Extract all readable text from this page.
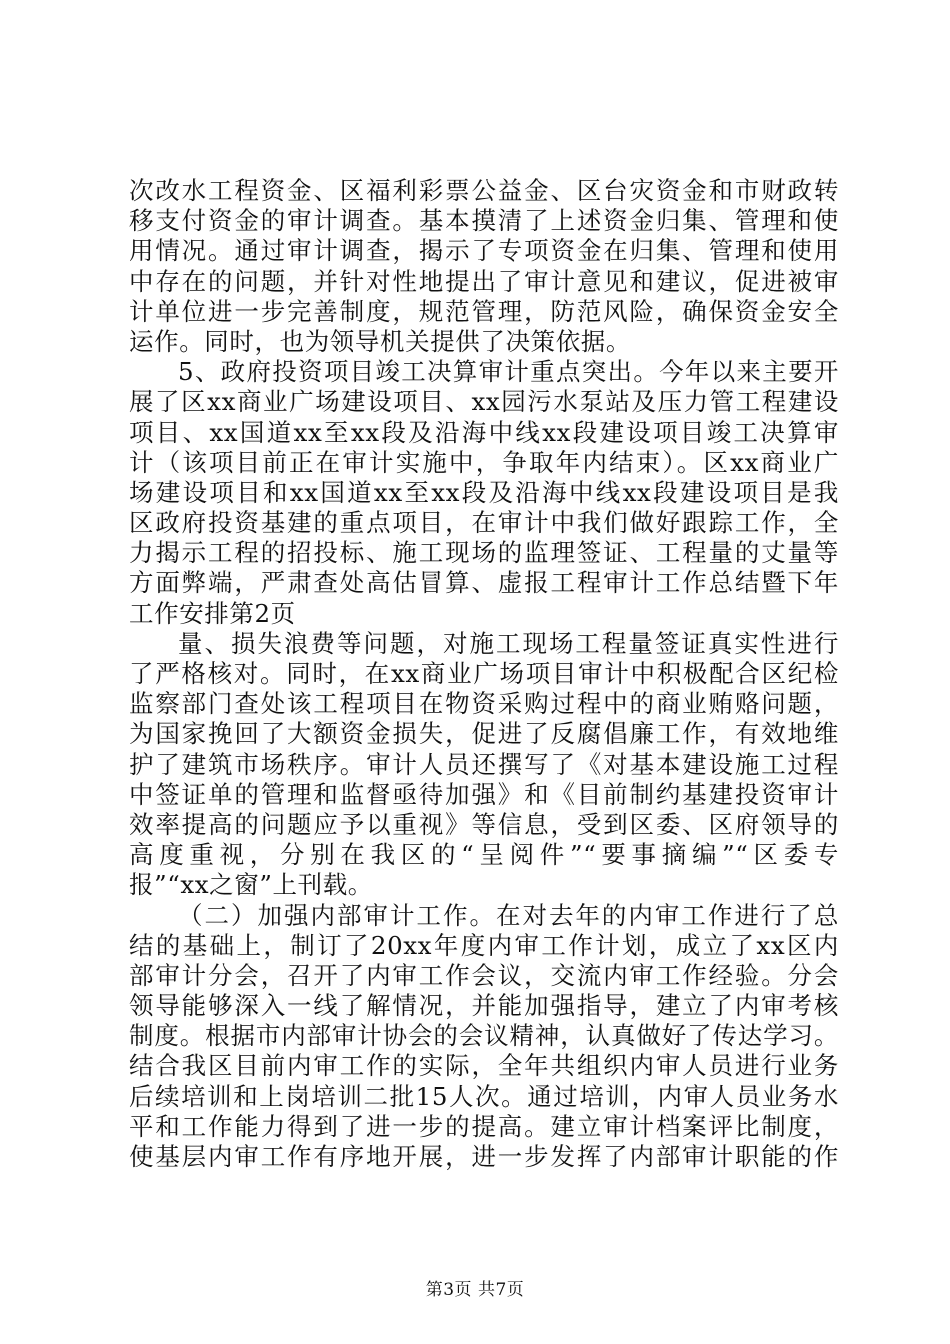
次改水工程资金、区福利彩票公益金、区台灾资金和市财政转
移支付资金的审计调查。基本摸清了上述资金归集、管理和使
用情况。通过审计调查，揭示了专项资金在归集、管理和使用
中存在的问题，并针对性地提出了审计意见和建议，促进被审
计单位进一步完善制度，规范管理，防范风险，确保资金安全
运作。同时，也为领导机关提供了决策依据。
5、政府投资项目竣工决算审计重点突出。今年以来主要开
展了区xx商业广场建设项目、xx园污水泵站及压力管工程建设
项目、xx国道xx至xx段及沿海中线xx段建设项目竣工决算审
计（该项目前正在审计实施中，争取年内结束）。区xx商业广
场建设项目和xx国道xx至xx段及沿海中线xx段建设项目是我
区政府投资基建的重点项目，在审计中我们做好跟踪工作，全
力揭示工程的招投标、施工现场的监理签证、工程量的丈量等
方面弊端，严肃查处高估冒算、虚报工程审计工作总结暨下年
工作安排第2页
量、损失浪费等问题，对施工现场工程量签证真实性进行
了严格核对。同时，在xx商业广场项目审计中积极配合区纪检
监察部门查处该工程项目在物资采购过程中的商业贿赂问题，
为国家挽回了大额资金损失，促进了反腐倡廉工作，有效地维
护了建筑市场秩序。审计人员还撰写了《对基本建设施工过程
中签证单的管理和监督亟待加强》和《目前制约基建投资审计
效率提高的问题应予以重视》等信息，受到区委、区府领导的
高度重视，分别在我区的“呈阅件”“要事摘编”“区委专
报”“xx之窗”上刊载。
（二）加强内部审计工作。在对去年的内审工作进行了总
结的基础上，制订了20xx年度内审工作计划，成立了xx区内
部审计分会，召开了内审工作会议，交流内审工作经验。分会
领导能够深入一线了解情况，并能加强指导，建立了内审考核
制度。根据市内部审计协会的会议精神，认真做好了传达学习。
结合我区目前内审工作的实际，全年共组织内审人员进行业务
后续培训和上岗培训二批15人次。通过培训，内审人员业务水
平和工作能力得到了进一步的提高。建立审计档案评比制度，
使基层内审工作有序地开展，进一步发挥了内部审计职能的作
第3页 共7页
